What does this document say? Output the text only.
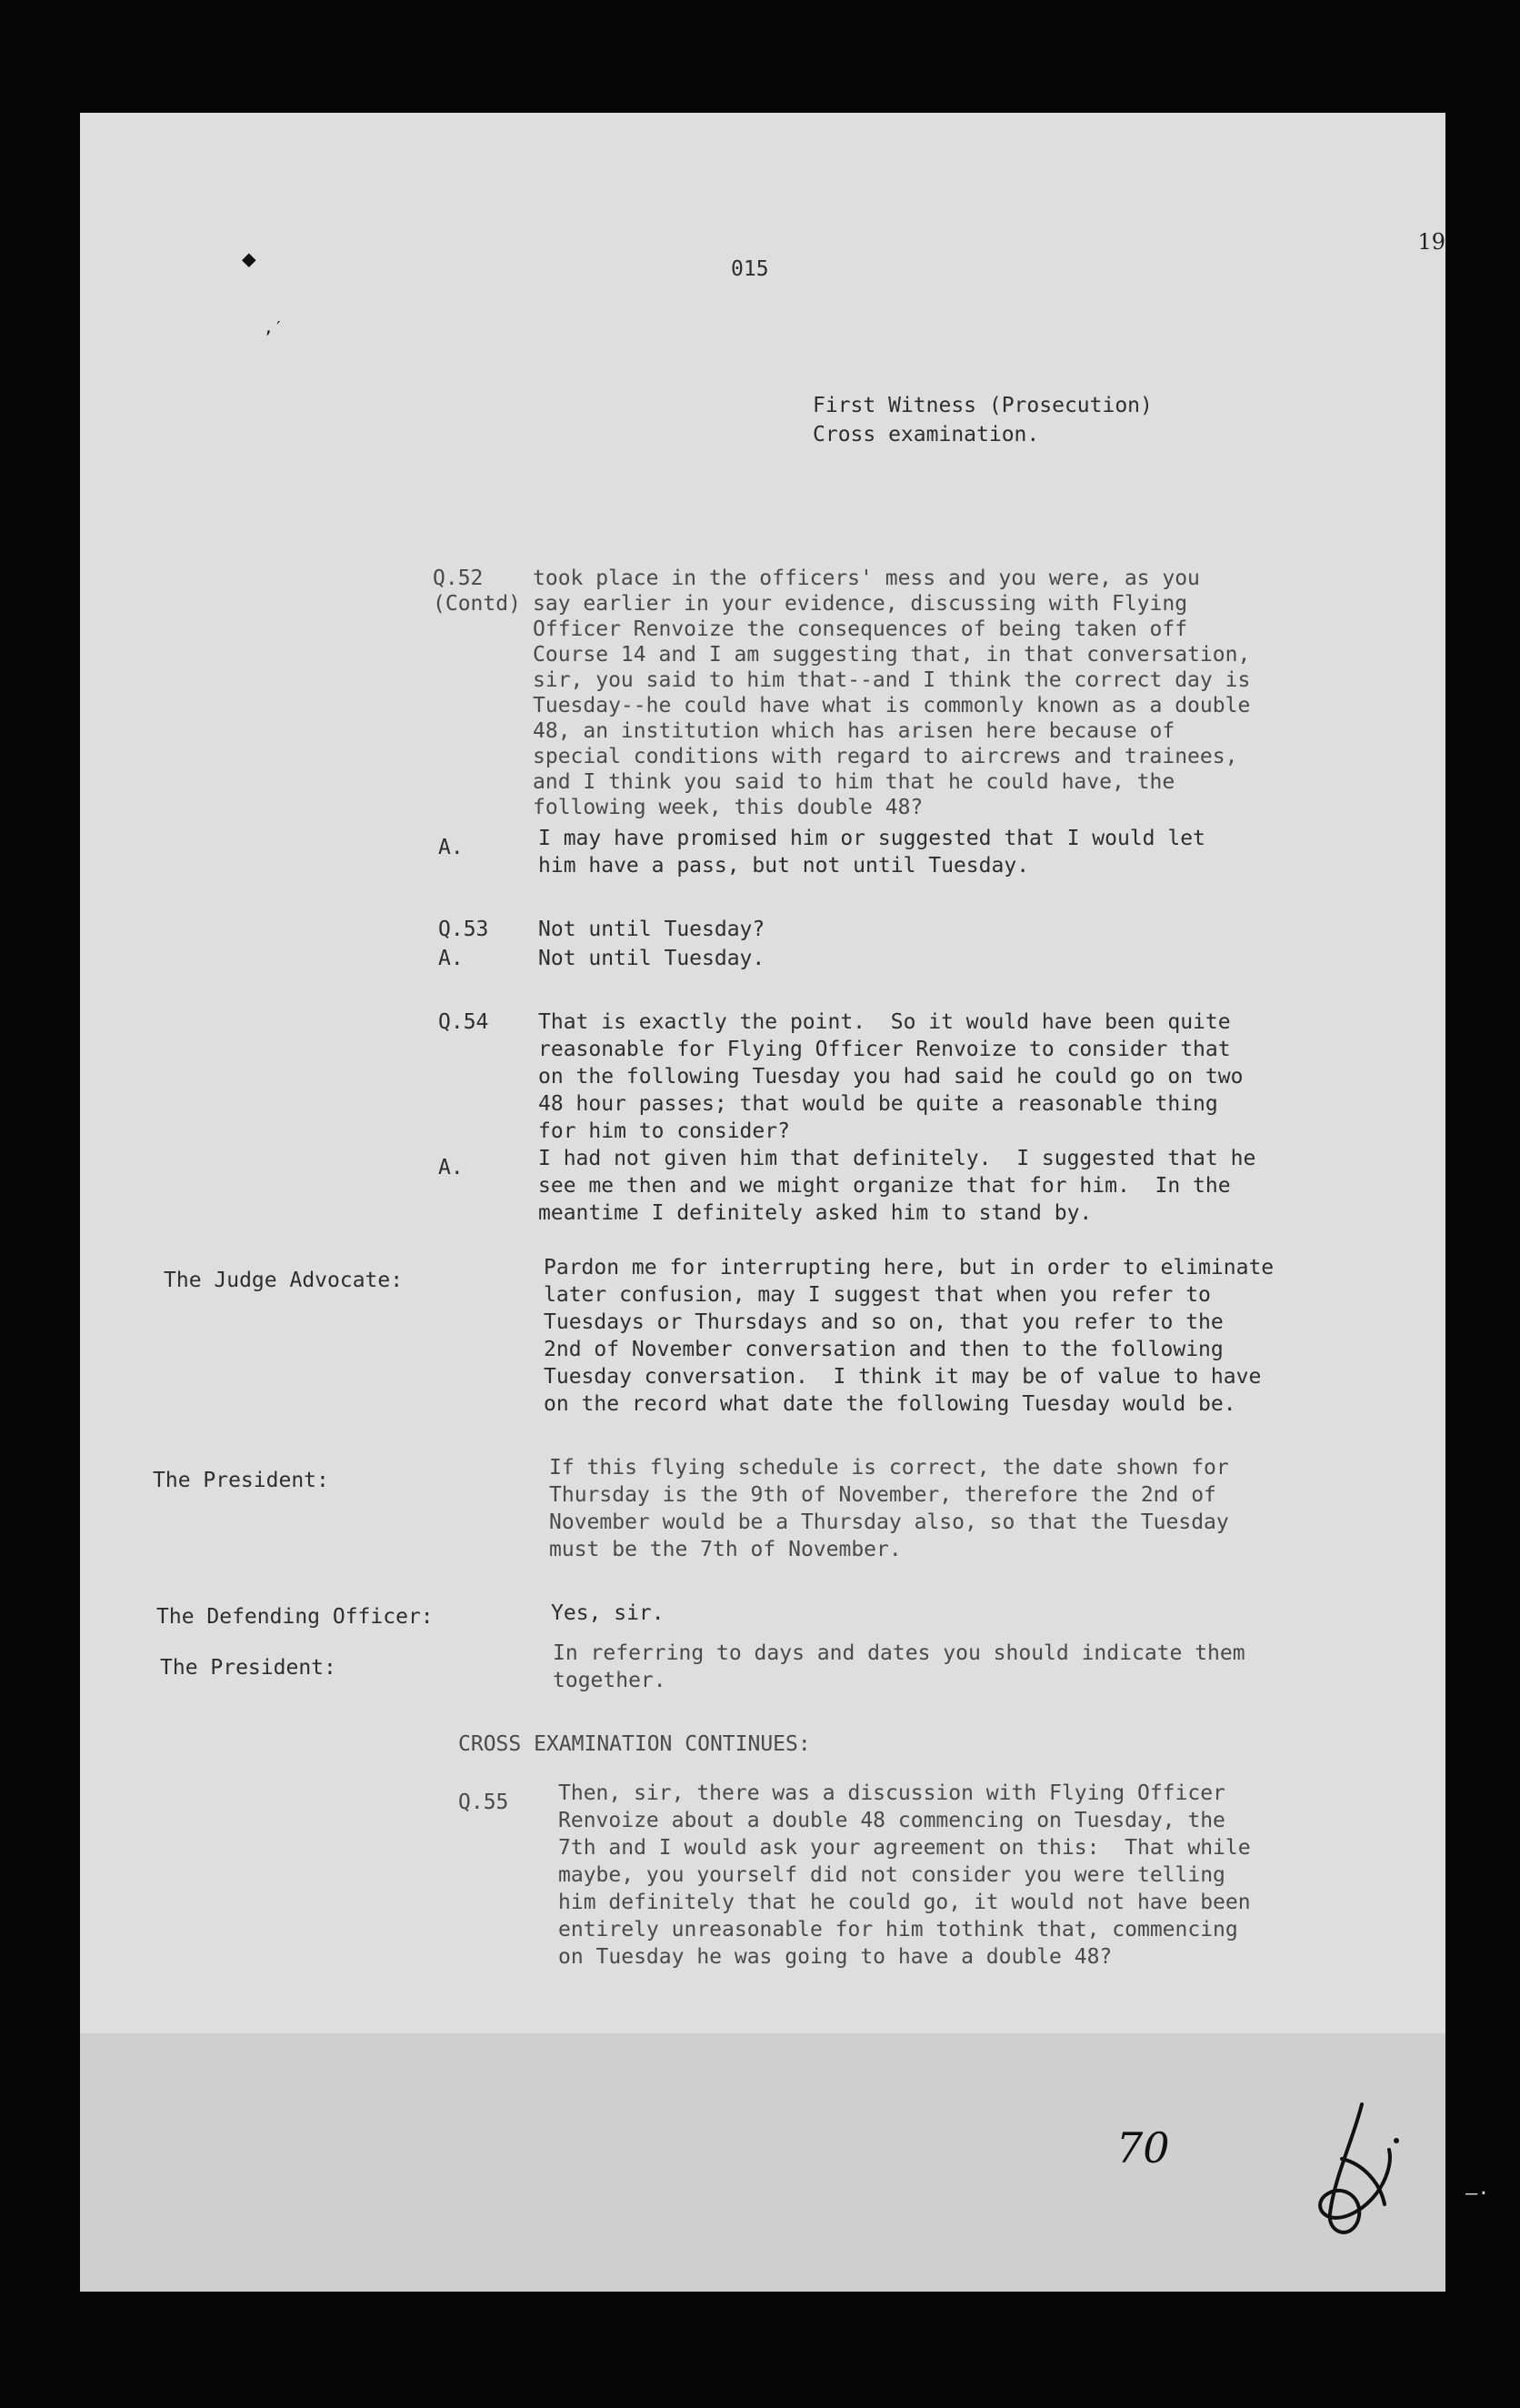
19
◆
,′
015
First Witness (Prosecution)
Cross examination.
Q.52
(Contd)
took place in the officers' mess and you were, as you
say earlier in your evidence, discussing with Flying
Officer Renvoize the consequences of being taken off
Course 14 and I am suggesting that, in that conversation,
sir, you said to him that--and I think the correct day is
Tuesday--he could have what is commonly known as a double
48, an institution which has arisen here because of
special conditions with regard to aircrews and trainees,
and I think you said to him that he could have, the
following week, this double 48?
A.	I may have promised him or suggested that I would let
him have a pass, but not until Tuesday.
Q.53 Not until Tuesday?
A.	Not until Tuesday.
Q.54 That is exactly the point.  So it would have been quite
reasonable for Flying Officer Renvoize to consider that
on the following Tuesday you had said he could go on two
48 hour passes; that would be quite a reasonable thing
for him to consider?
A.	I had not given him that definitely.  I suggested that he
see me then and we might organize that for him.  In the
meantime I definitely asked him to stand by.
The Judge Advocate:
Pardon me for interrupting here, but in order to eliminate
later confusion, may I suggest that when you refer to
Tuesdays or Thursdays and so on, that you refer to the
2nd of November conversation and then to the following
Tuesday conversation.  I think it may be of value to have
on the record what date the following Tuesday would be.
The President:
If this flying schedule is correct, the date shown for
Thursday is the 9th of November, therefore the 2nd of
November would be a Thursday also, so that the Tuesday
must be the 7th of November.
The Defending Officer:	Yes, sir.
The President:
In referring to days and dates you should indicate them
together.
CROSS EXAMINATION CONTINUES:
Q.55 Then, sir, there was a discussion with Flying Officer
Renvoize about a double 48 commencing on Tuesday, the
7th and I would ask your agreement on this:  That while
maybe, you yourself did not consider you were telling
him definitely that he could go, it would not have been
entirely unreasonable for him tothink that, commencing
on Tuesday he was going to have a double 48?
70
—·
